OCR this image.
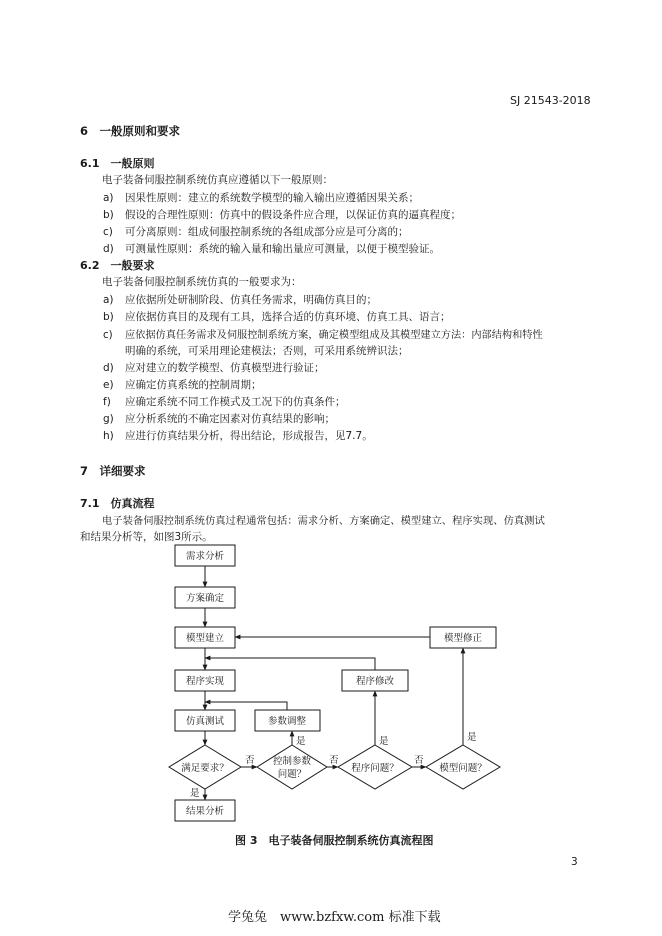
SJ 21543-2018
6　一般原则和要求
6.1　一般原则
电子装备伺服控制系统仿真应遵循以下一般原则：
a) 因果性原则：建立的系统数学模型的输入输出应遵循因果关系；
b) 假设的合理性原则：仿真中的假设条件应合理，以保证仿真的逼真程度；
c) 可分离原则：组成伺服控制系统的各组成部分应是可分离的；
d) 可测量性原则：系统的输入量和输出量应可测量，以便于模型验证。
6.2　一般要求
电子装备伺服控制系统仿真的一般要求为：
a) 应依据所处研制阶段、仿真任务需求，明确仿真目的；
b) 应依据仿真目的及现有工具，选择合适的仿真环境、仿真工具、语言；
c) 应依据仿真任务需求及伺服控制系统方案，确定模型组成及其模型建立方法：内部结构和特性
明确的系统，可采用理论建模法；否则，可采用系统辨识法；
d) 应对建立的数学模型、仿真模型进行验证；
e) 应确定仿真系统的控制周期；
f) 应确定系统不同工作模式及工况下的仿真条件；
g) 应分析系统的不确定因素对仿真结果的影响；
h) 应进行仿真结果分析，得出结论，形成报告，见7.7。
7　详细要求
7.1　仿真流程
电子装备伺服控制系统仿真过程通常包括：需求分析、方案确定、模型建立、程序实现、仿真测试
和结果分析等，如图3所示。
需求分析
方案确定
模型建立
程序实现
仿真测试	参数调整
程序修改
模型修正
结果分析
满足要求？
控制参数
问题？
程序问题？	模型问题？
否	否	否
是	是	是
是
图 3　电子装备伺服控制系统仿真流程图
3
学兔兔　www.bzfxw.com 标准下载
